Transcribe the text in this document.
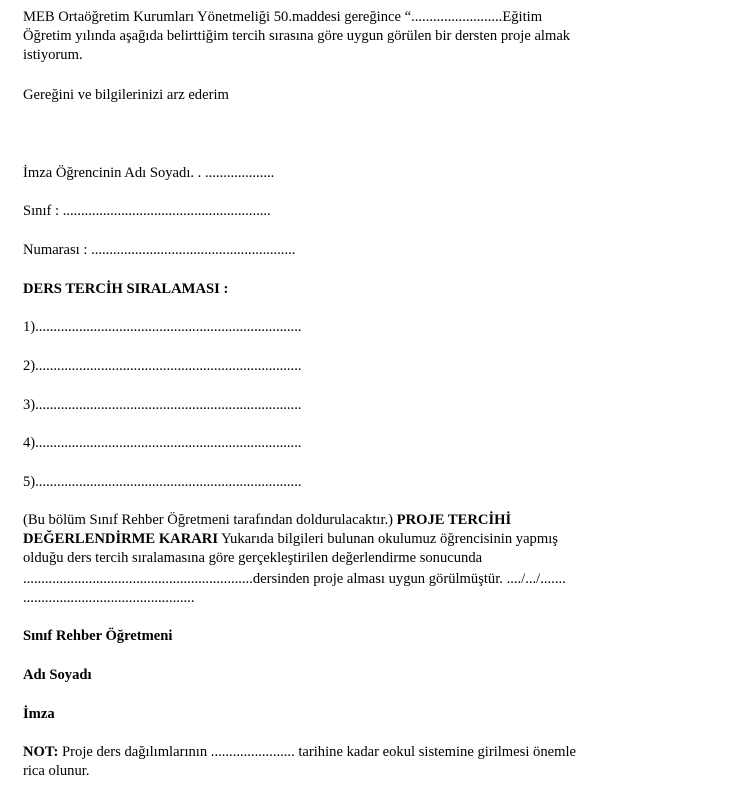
MEB Ortaöğretim Kurumları Yönetmeliği 50.maddesi gereğince “.........................Eğitim
Öğretim yılında aşağıda belirttiğim tercih sırasına göre uygun görülen bir dersten proje almak
istiyorum.
Gereğini ve bilgilerinizi arz ederim
İmza Öğrencinin Adı Soyadı. . ...................
Sınıf : .........................................................
Numarası : ........................................................
DERS TERCİH SIRALAMASI :
1).........................................................................
2).........................................................................
3).........................................................................
4).........................................................................
5).........................................................................
(Bu bölüm Sınıf Rehber Öğretmeni tarafından doldurulacaktır.) PROJE TERCİHİ
DEĞERLENDİRME KARARI Yukarıda bilgileri bulunan okulumuz öğrencisinin yapmış
olduğu ders tercih sıralamasına göre gerçekleştirilen değerlendirme sonucunda
...............................................................dersinden proje alması uygun görülmüştür. ..../.../.......
...............................................
Sınıf Rehber Öğretmeni
Adı Soyadı
İmza
NOT: Proje ders dağılımlarının ....................... tarihine kadar eokul sistemine girilmesi önemle
rica olunur.
